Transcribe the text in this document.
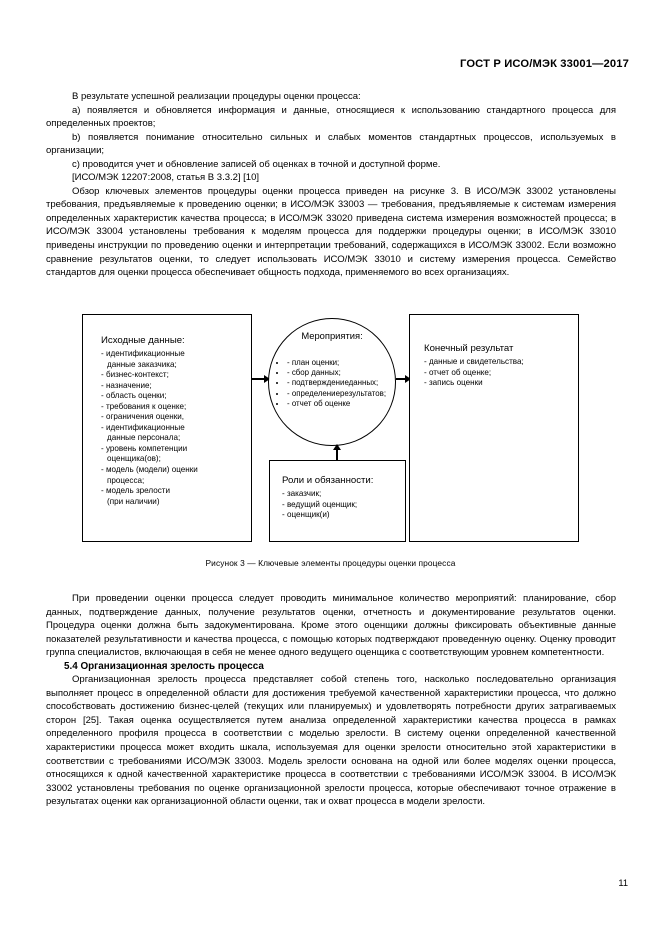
ГОСТ Р ИСО/МЭК 33001—2017

В результате успешной реализации процедуры оценки процесса:

а) появляется и обновляется информация и данные, относящиеся к использованию стандартного процесса для определенных проектов;

b) появляется понимание относительно сильных и слабых моментов стандартных процессов, используемых в организации;

c) проводится учет и обновление записей об оценках в точной и доступной форме.

[ИСО/МЭК 12207:2008, статья В 3.3.2] [10]

Обзор ключевых элементов процедуры оценки процесса приведен на рисунке 3. В ИСО/МЭК 33002 установлены требования, предъявляемые к проведению оценки; в ИСО/МЭК 33003 — требования, предъявляемые к системам измерения определенных характеристик качества процесса; в ИСО/МЭК 33020 приведена система измерения возможностей процесса; в ИСО/МЭК 33004 установлены требования к моделям процесса для поддержки процедуры оценки; в ИСО/МЭК 33010 приведены инструкции по проведению оценки и интерпретации требований, содержащихся в ИСО/МЭК 33002. Если возможно сравнение результатов оценки, то следует использовать ИСО/МЭК 33010 и систему измерения процесса. Семейство стандартов для оценки процесса обеспечивает общность подхода, применяемого во всех организациях.

Исходные данные:
- идентификационные
данные заказчика;
- бизнес-контекст;
- назначение;
- область оценки;
- требования к оценке;
- ограничения оценки,
- идентификационные
данные персонала;
- уровень компетенции
оценщика(ов);
- модель (модели) оценки
процесса;
- модель зрелости
(при наличии)
Мероприятия:
• - план оценки;
• - сбор данных;
• - подтверждениеданных;
• - определениерезультатов;
• - отчет об оценке
Конечный результат
- данные и свидетельства;
- отчет об оценке;
- запись оценки
Роли и обязанности:
- заказчик;
- ведущий оценщик;
- оценщик(и)
Рисунок 3 — Ключевые элементы процедуры оценки процесса

При проведении оценки процесса следует проводить минимальное количество мероприятий: планирование, сбор данных, подтверждение данных, получение результатов оценки, отчетность и документирование результатов оценки. Процедура оценки должна быть задокументирована. Кроме этого оценщики должны фиксировать объективные данные показателей результативности и качества процесса, с помощью которых подтверждают проведенную оценку. Оценку проводит группа специалистов, включающая в себя не менее одного ведущего оценщика с соответствующим уровнем компетентности.

5.4 Организационная зрелость процесса

Организационная зрелость процесса представляет собой степень того, насколько последовательно организация выполняет процесс в определенной области для достижения требуемой качественной характеристики процесса, что должно способствовать достижению бизнес-целей (текущих или планируемых) и удовлетворять потребности других затрагиваемых сторон [25]. Такая оценка осуществляется путем анализа определенной характеристики качества процесса в рамках определенного профиля процесса в соответствии с моделью зрелости. В систему оценки определенной качественной характеристики процесса может входить шкала, используемая для оценки зрелости относительно этой характеристики в соответствии с требованиями ИСО/МЭК 33003. Модель зрелости основана на одной или более моделях оценки процесса, относящихся к одной качественной характеристике процесса в соответствии с требованиями ИСО/МЭК 33004. В ИСО/МЭК 33002 установлены требования по оценке организационной зрелости процесса, которые обеспечивают точное отражение в результатах оценки как организационной области оценки, так и охват процесса в модели зрелости.

11
